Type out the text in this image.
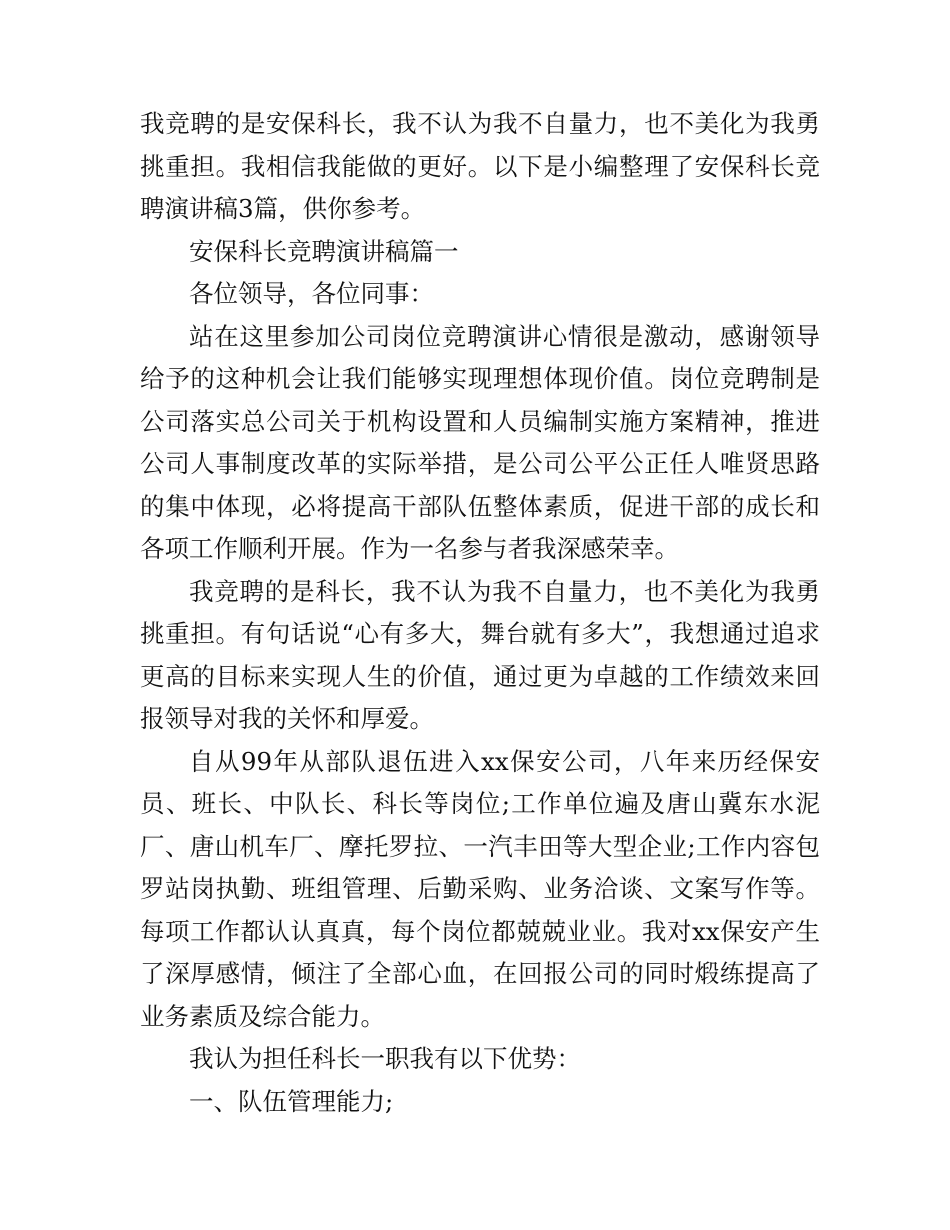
我竞聘的是安保科长，我不认为我不自量力，也不美化为我勇挑重担。我相信我能做的更好。以下是小编整理了安保科长竞聘演讲稿3篇，供你参考。

安保科长竞聘演讲稿篇一

各位领导，各位同事：

站在这里参加公司岗位竞聘演讲心情很是激动，感谢领导给予的这种机会让我们能够实现理想体现价值。岗位竞聘制是公司落实总公司关于机构设置和人员编制实施方案精神，推进公司人事制度改革的实际举措，是公司公平公正任人唯贤思路的集中体现，必将提高干部队伍整体素质，促进干部的成长和各项工作顺利开展。作为一名参与者我深感荣幸。

我竞聘的是科长，我不认为我不自量力，也不美化为我勇挑重担。有句话说“心有多大，舞台就有多大”，我想通过追求更高的目标来实现人生的价值，通过更为卓越的工作绩效来回报领导对我的关怀和厚爱。

自从99年从部队退伍进入xx保安公司，八年来历经保安员、班长、中队长、科长等岗位;工作单位遍及唐山冀东水泥厂、唐山机车厂、摩托罗拉、一汽丰田等大型企业;工作内容包罗站岗执勤、班组管理、后勤采购、业务洽谈、文案写作等。每项工作都认认真真，每个岗位都兢兢业业。我对xx保安产生了深厚感情，倾注了全部心血，在回报公司的同时煅练提高了业务素质及综合能力。

我认为担任科长一职我有以下优势：

一、队伍管理能力;
